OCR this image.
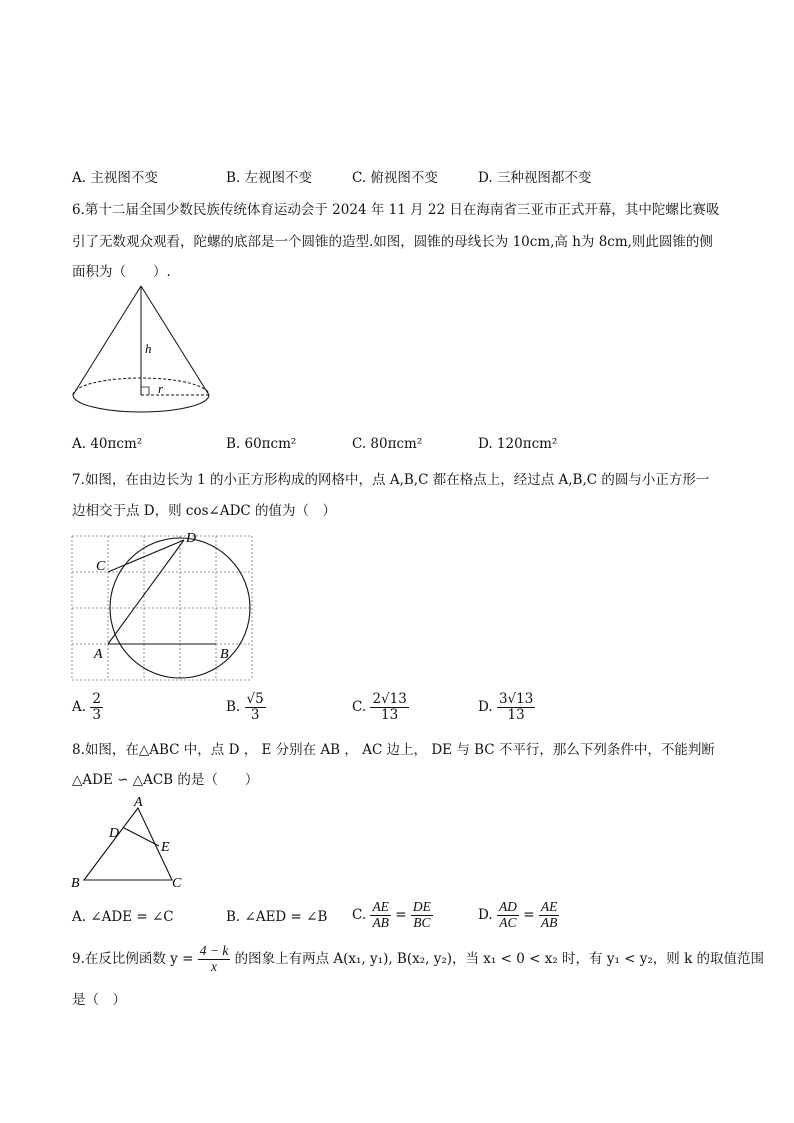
A. 主视图不变	B. 左视图不变	C. 俯视图不变	D. 三种视图都不变
6.第十二届全国少数民族传统体育运动会于 2024 年 11 月 22 日在海南省三亚市正式开幕，其中陀螺比赛吸
引了无数观众观看，陀螺的底部是一个圆锥的造型.如图，圆锥的母线长为 10cm,高 h为 8cm,则此圆锥的侧
面积为（　　）.
h
r
A. 40πcm²	B. 60πcm²	C. 80πcm²	D. 120πcm²
7.如图，在由边长为 1 的小正方形构成的网格中，点 A,B,C 都在格点上，经过点 A,B,C 的圆与小正方形一
边相交于点 D，则 cos∠ADC 的值为（　）
C
D
A	B
A. $\frac{2}{3}$	B. $\frac{√5}{3}$	C. $\frac{2√13}{13}$	D. $\frac{3√13}{13}$
8.如图，在△ABC 中，点 D ， E 分别在 AB ， AC 边上， DE 与 BC 不平行，那么下列条件中，不能判断
△ADE ∽ △ACB 的是（　　）
A
D
E
B	C
A. ∠ADE = ∠C	B. ∠AED = ∠B C. $\frac{AE}{AB} = \frac{DE}{BC}$	D. $\frac{AD}{AC} = \frac{AE}{AB}$
9.在反比例函数 $y = \frac{4 - k}{x}$ 的图象上有两点 A(x₁, y₁), B(x₂, y₂)，当 x₁ < 0 < x₂ 时，有 y₁ < y₂，则 k 的取值范围
是（　）
